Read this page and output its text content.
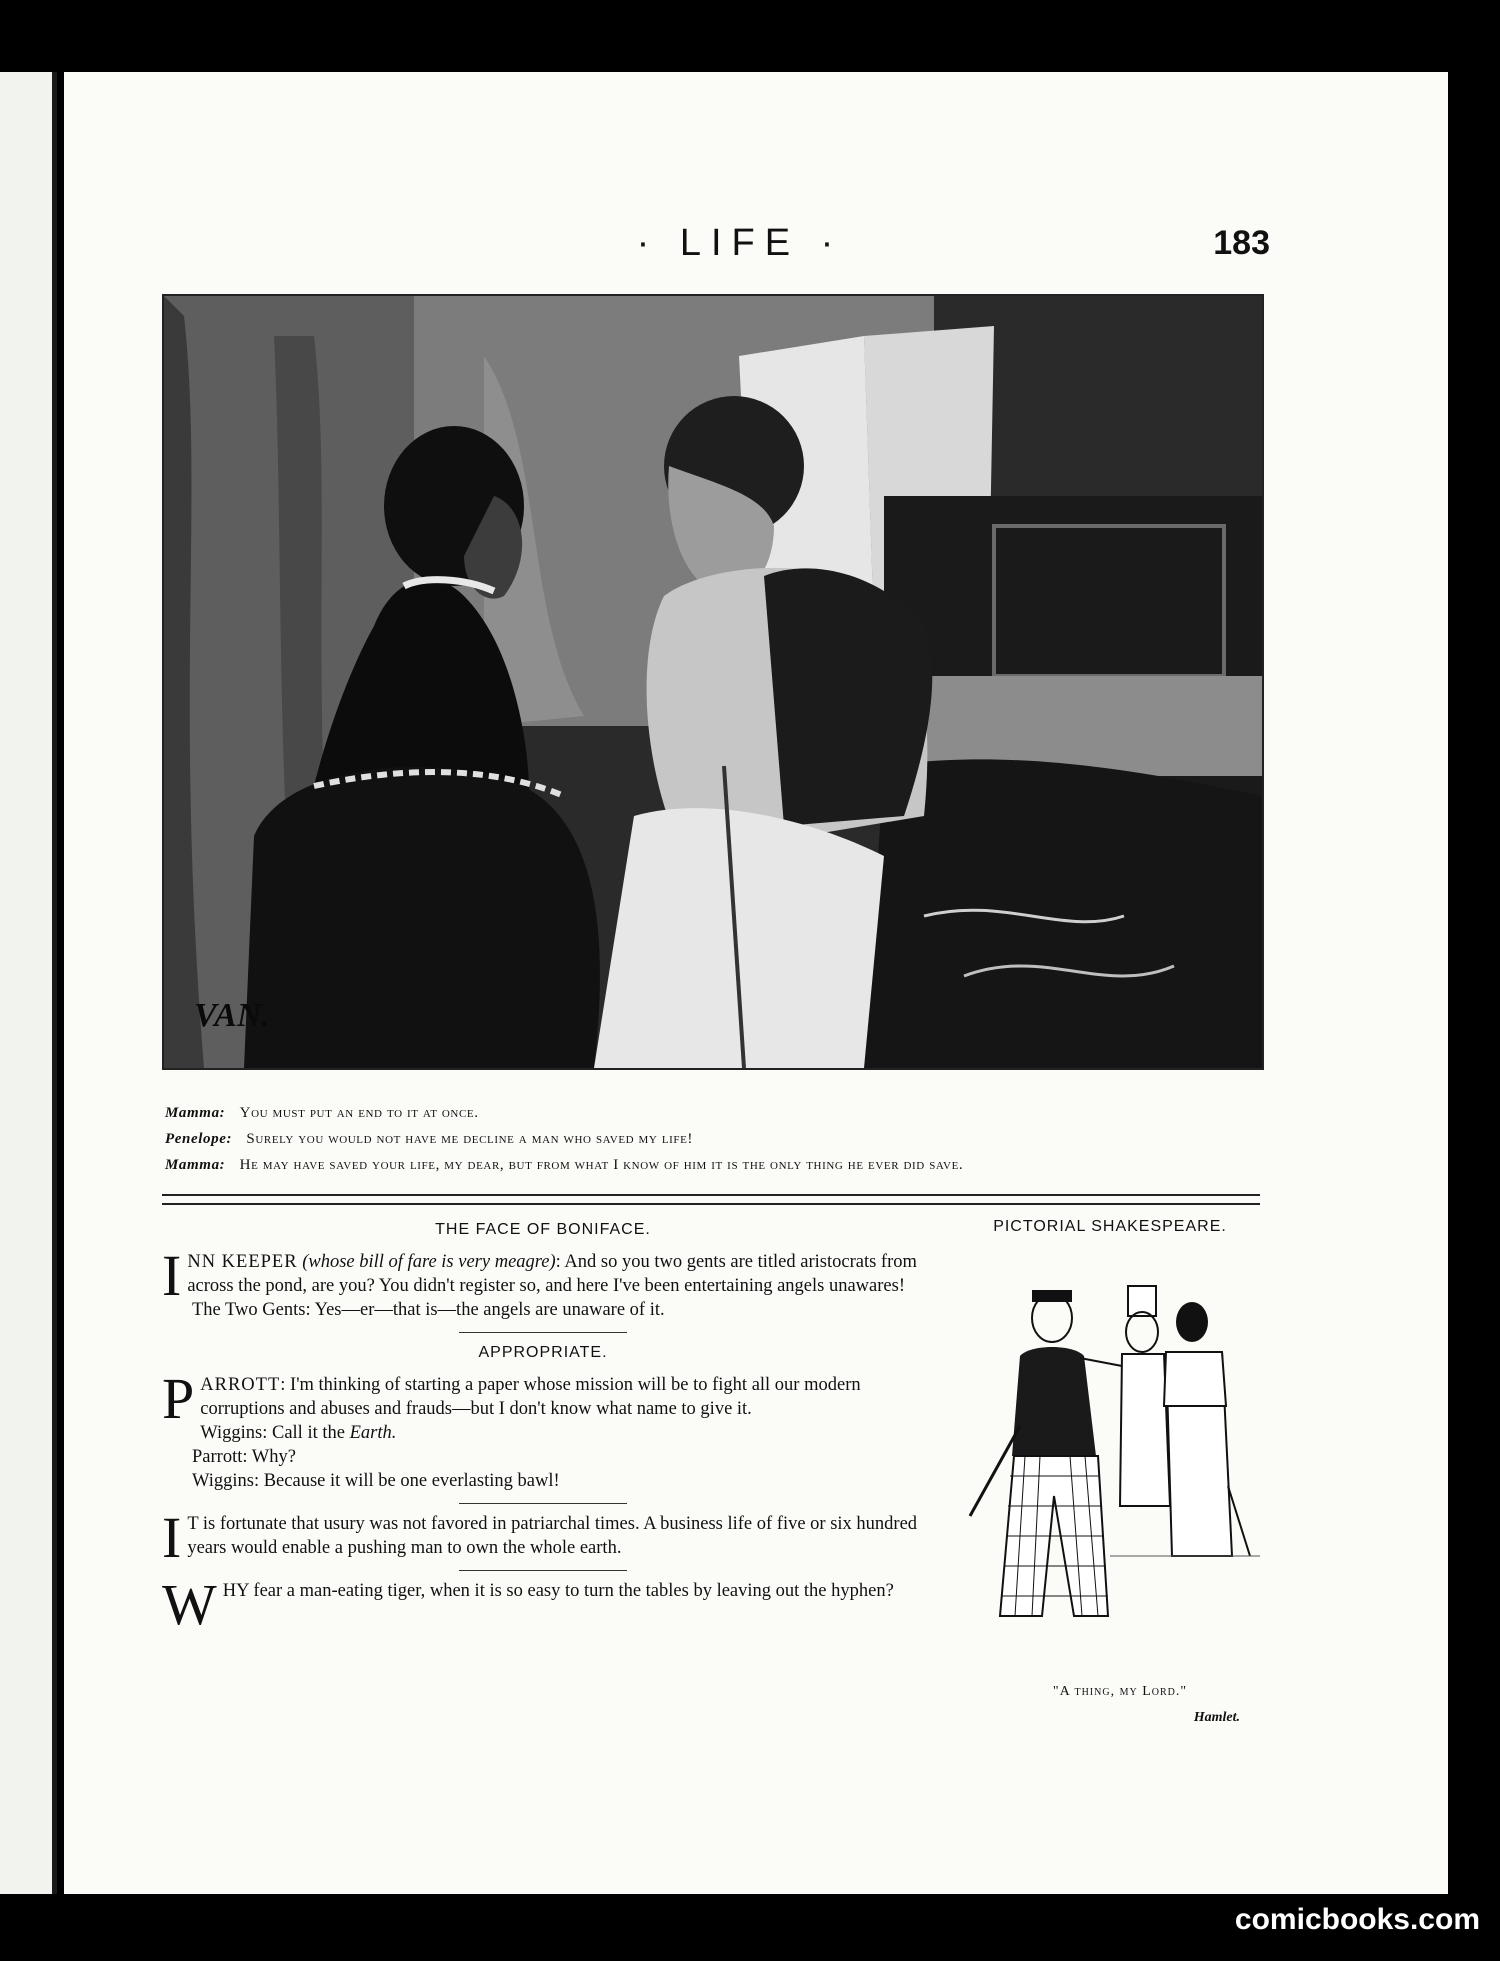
· LIFE ·	183
VAN.
Mamma: You must put an end to it at once.
Penelope: Surely you would not have me decline a man who saved my life!
Mamma: He may have saved your life, my dear, but from what I know of him it is the only thing he ever did save.
THE FACE OF BONIFACE.

INN KEEPER (whose bill of fare is very meagre): And so you two gents are titled aristocrats from across the pond, are you? You didn't register so, and here I've been entertaining angels unawares!

The Two Gents: Yes—er—that is—the angels are unaware of it.
APPROPRIATE.

PARROTT: I'm thinking of starting a paper whose mission will be to fight all our modern corruptions and abuses and frauds—but I don't know what name to give it.

Wiggins: Call it the Earth.
Parrott: Why?
Wiggins: Because it will be one everlasting bawl!

I T is fortunate that usury was not favored in patriarchal times. A business life of five or six hundred years would enable a pushing man to own the whole earth.

WHY fear a man-eating tiger, when it is so easy to turn the tables by leaving out the hyphen?

PICTORIAL SHAKESPEARE.
"A thing, my Lord."
Hamlet.
comicbooks.com
